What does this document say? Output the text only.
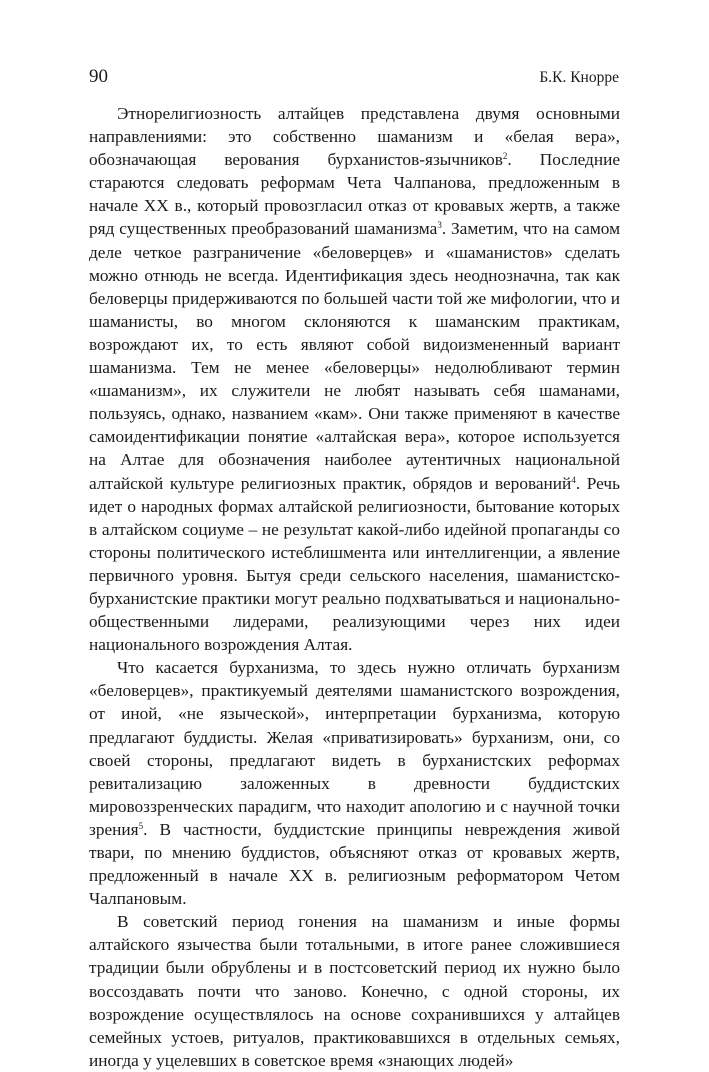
90	Б.К. Кнорре

Этнорелигиозность алтайцев представлена двумя основными направлениями: это собственно шаманизм и «белая вера», обозначающая верования бурханистов-язычников$^2$. Последние стараются следовать реформам Чета Чалпанова, предложенным в начале XX в., который провозгласил отказ от кровавых жертв, а также ряд существенных преобразований шаманизма$^3$. Заметим, что на самом деле четкое разграничение «беловерцев» и «шаманистов» сделать можно отнюдь не всегда. Идентификация здесь неоднозначна, так как беловерцы придерживаются по большей части той же мифологии, что и шаманисты, во многом склоняются к шаманским практикам, возрождают их, то есть являют собой видоизмененный вариант шаманизма. Тем не менее «беловерцы» недолюбливают термин «шаманизм», их служители не любят называть себя шаманами, пользуясь, однако, названием «кам». Они также применяют в качестве самоидентификации понятие «алтайская вера», которое используется на Алтае для обозначения наиболее аутентичных национальной алтайской культуре религиозных практик, обрядов и верований$^4$. Речь идет о народных формах алтайской религиозности, бытование которых в алтайском социуме – не результат какой-либо идейной пропаганды со стороны политического истеблишмента или интеллигенции, а явление первичного уровня. Бытуя среди сельского населения, шаманистско-бурханистские практики могут реально подхватываться и национально-общественными лидерами, реализующими через них идеи национального возрождения Алтая.

Что касается бурханизма, то здесь нужно отличать бурханизм «беловерцев», практикуемый деятелями шаманистского возрождения, от иной, «не языческой», интерпретации бурханизма, которую предлагают буддисты. Желая «приватизировать» бурханизм, они, со своей стороны, предлагают видеть в бурханистских реформах ревитализацию заложенных в древности буддистских мировоззренческих парадигм, что находит апологию и с научной точки зрения$^5$. В частности, буддистские принципы невреждения живой твари, по мнению буддистов, объясняют отказ от кровавых жертв, предложенный в начале XX в. религиозным реформатором Четом Чалпановым.

В советский период гонения на шаманизм и иные формы алтайского язычества были тотальными, в итоге ранее сложившиеся традиции были обрублены и в постсоветский период их нужно было воссоздавать почти что заново. Конечно, с одной стороны, их возрождение осуществлялось на основе сохранившихся у алтайцев семейных устоев, ритуалов, практиковавшихся в отдельных семьях, иногда у уцелевших в советское время «знающих людей»
